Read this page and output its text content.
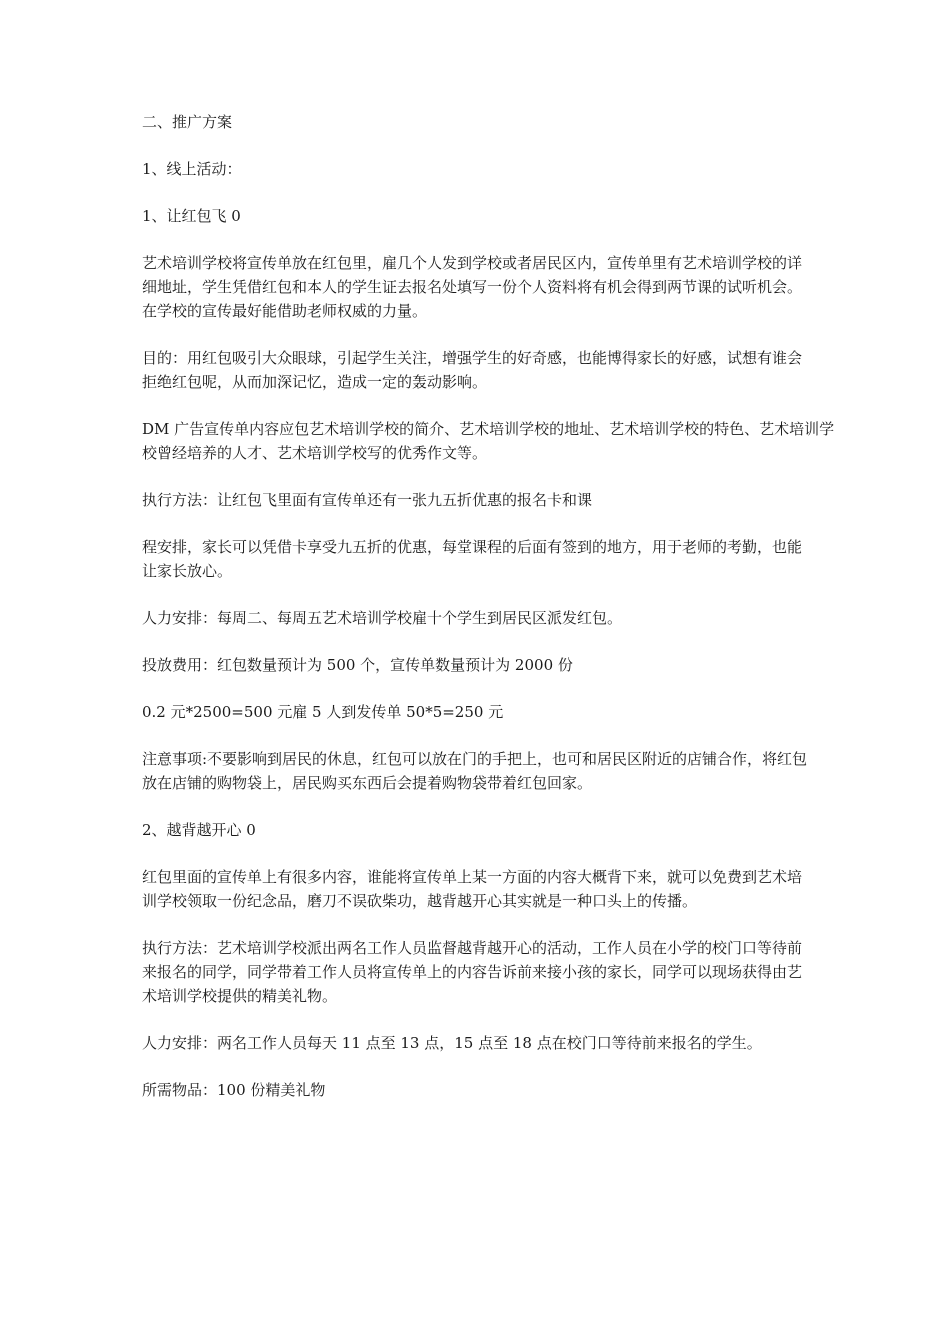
二、推广方案

1、线上活动：

1、让红包飞 0

艺术培训学校将宣传单放在红包里，雇几个人发到学校或者居民区内，宣传单里有艺术培训学校的详细地址，学生凭借红包和本人的学生证去报名处填写一份个人资料将有机会得到两节课的试听机会。在学校的宣传最好能借助老师权威的力量。

目的：用红包吸引大众眼球，引起学生关注，增强学生的好奇感，也能博得家长的好感，试想有谁会拒绝红包呢，从而加深记忆，造成一定的轰动影响。

DM 广告宣传单内容应包艺术培训学校的简介、艺术培训学校的地址、艺术培训学校的特色、艺术培训学校曾经培养的人才、艺术培训学校写的优秀作文等。

执行方法：让红包飞里面有宣传单还有一张九五折优惠的报名卡和课

程安排，家长可以凭借卡享受九五折的优惠，每堂课程的后面有签到的地方，用于老师的考勤，也能让家长放心。

人力安排：每周二、每周五艺术培训学校雇十个学生到居民区派发红包。

投放费用：红包数量预计为 500 个，宣传单数量预计为 2000 份

0.2 元*2500=500 元雇 5 人到发传单 50*5=250 元

注意事项:不要影响到居民的休息，红包可以放在门的手把上，也可和居民区附近的店铺合作，将红包放在店铺的购物袋上，居民购买东西后会提着购物袋带着红包回家。

2、越背越开心 0

红包里面的宣传单上有很多内容，谁能将宣传单上某一方面的内容大概背下来，就可以免费到艺术培训学校领取一份纪念品，磨刀不误砍柴功，越背越开心其实就是一种口头上的传播。

执行方法：艺术培训学校派出两名工作人员监督越背越开心的活动，工作人员在小学的校门口等待前来报名的同学，同学带着工作人员将宣传单上的内容告诉前来接小孩的家长，同学可以现场获得由艺术培训学校提供的精美礼物。

人力安排：两名工作人员每天 11 点至 13 点，15 点至 18 点在校门口等待前来报名的学生。

所需物品：100 份精美礼物
